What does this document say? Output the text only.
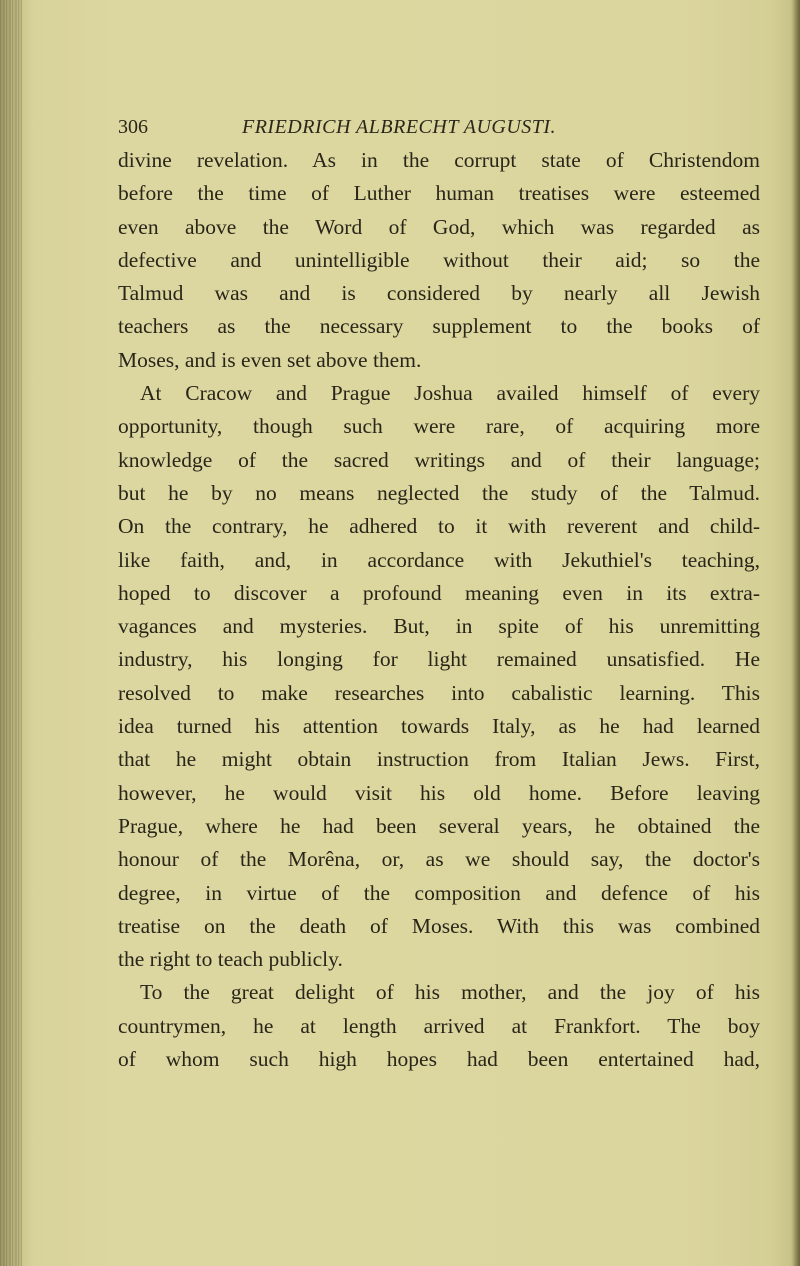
306	FRIEDRICH ALBRECHT AUGUSTI.
divine revelation. As in the corrupt state of Christendom
before the time of Luther human treatises were esteemed
even above the Word of God, which was regarded as
defective and unintelligible without their aid; so the
Talmud was and is considered by nearly all Jewish
teachers as the necessary supplement to the books of
Moses, and is even set above them.
At Cracow and Prague Joshua availed himself of every
opportunity, though such were rare, of acquiring more
knowledge of the sacred writings and of their language;
but he by no means neglected the study of the Talmud.
On the contrary, he adhered to it with reverent and child-
like faith, and, in accordance with Jekuthiel's teaching,
hoped to discover a profound meaning even in its extra-
vagances and mysteries. But, in spite of his unremitting
industry, his longing for light remained unsatisfied. He
resolved to make researches into cabalistic learning. This
idea turned his attention towards Italy, as he had learned
that he might obtain instruction from Italian Jews. First,
however, he would visit his old home. Before leaving
Prague, where he had been several years, he obtained the
honour of the Morêna, or, as we should say, the doctor's
degree, in virtue of the composition and defence of his
treatise on the death of Moses. With this was combined
the right to teach publicly.
To the great delight of his mother, and the joy of his
countrymen, he at length arrived at Frankfort. The boy
of whom such high hopes had been entertained had,
